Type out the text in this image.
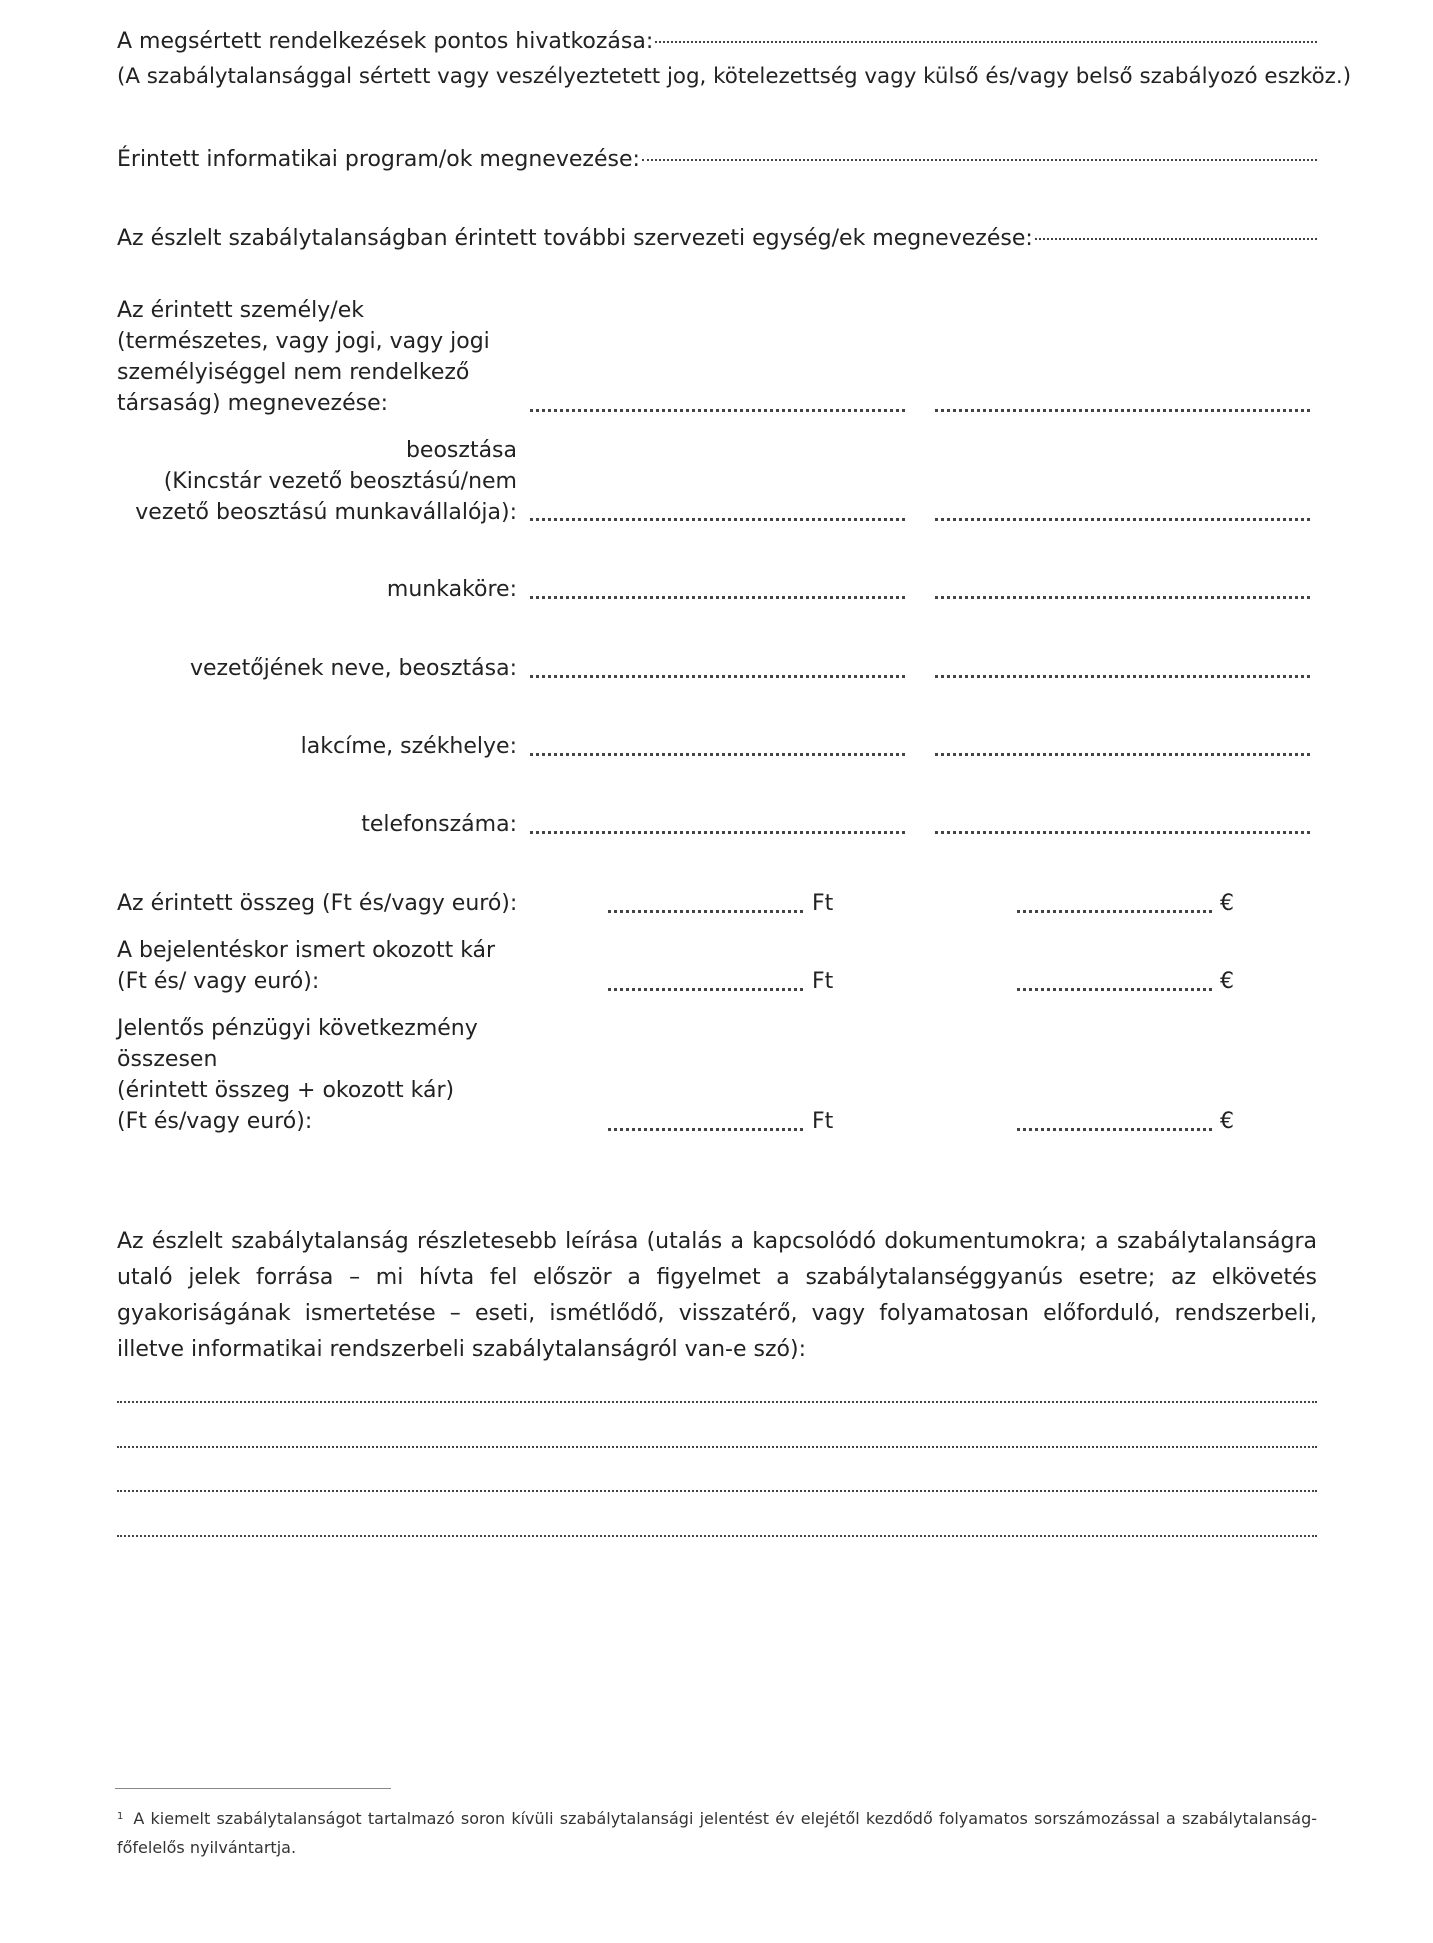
A megsértett rendelkezések pontos hivatkozása:
(A szabálytalansággal sértett vagy veszélyeztetett jog, kötelezettség vagy külső és/vagy belső szabályozó eszköz.)
Érintett informatikai program/ok megnevezése:
Az észlelt szabálytalanságban érintett további szervezeti egység/ek megnevezése:
Az érintett személy/ek
(természetes, vagy jogi, vagy jogi
személyiséggel nem rendelkező
társaság) megnevezése:
beosztása
(Kincstár vezető beosztású/nem
vezető beosztású munkavállalója):
munkaköre:
vezetőjének neve, beosztása:
lakcíme, székhelye:
telefonszáma:
Az érintett összeg (Ft és/vagy euró):	Ft	€
A bejelentéskor ismert okozott kár
(Ft és/ vagy euró):	Ft	€
Jelentős pénzügyi következmény
összesen
(érintett összeg + okozott kár)
(Ft és/vagy euró):	Ft	€
Az észlelt szabálytalanság részletesebb leírása (utalás a kapcsolódó dokumentumokra; a szabálytalanságra utaló jelek forrása – mi hívta fel először a figyelmet a szabálytalanséggyanús esetre; az elkövetés gyakoriságának ismertetése – eseti, ismétlődő, visszatérő, vagy folyamatosan előforduló, rendszerbeli, illetve informatikai rendszerbeli szabálytalanságról van-e szó):
$^1$ A kiemelt szabálytalanságot tartalmazó soron kívüli szabálytalansági jelentést év elejétől kezdődő folyamatos sorszámozással a szabálytalanság-főfelelős nyilvántartja.
